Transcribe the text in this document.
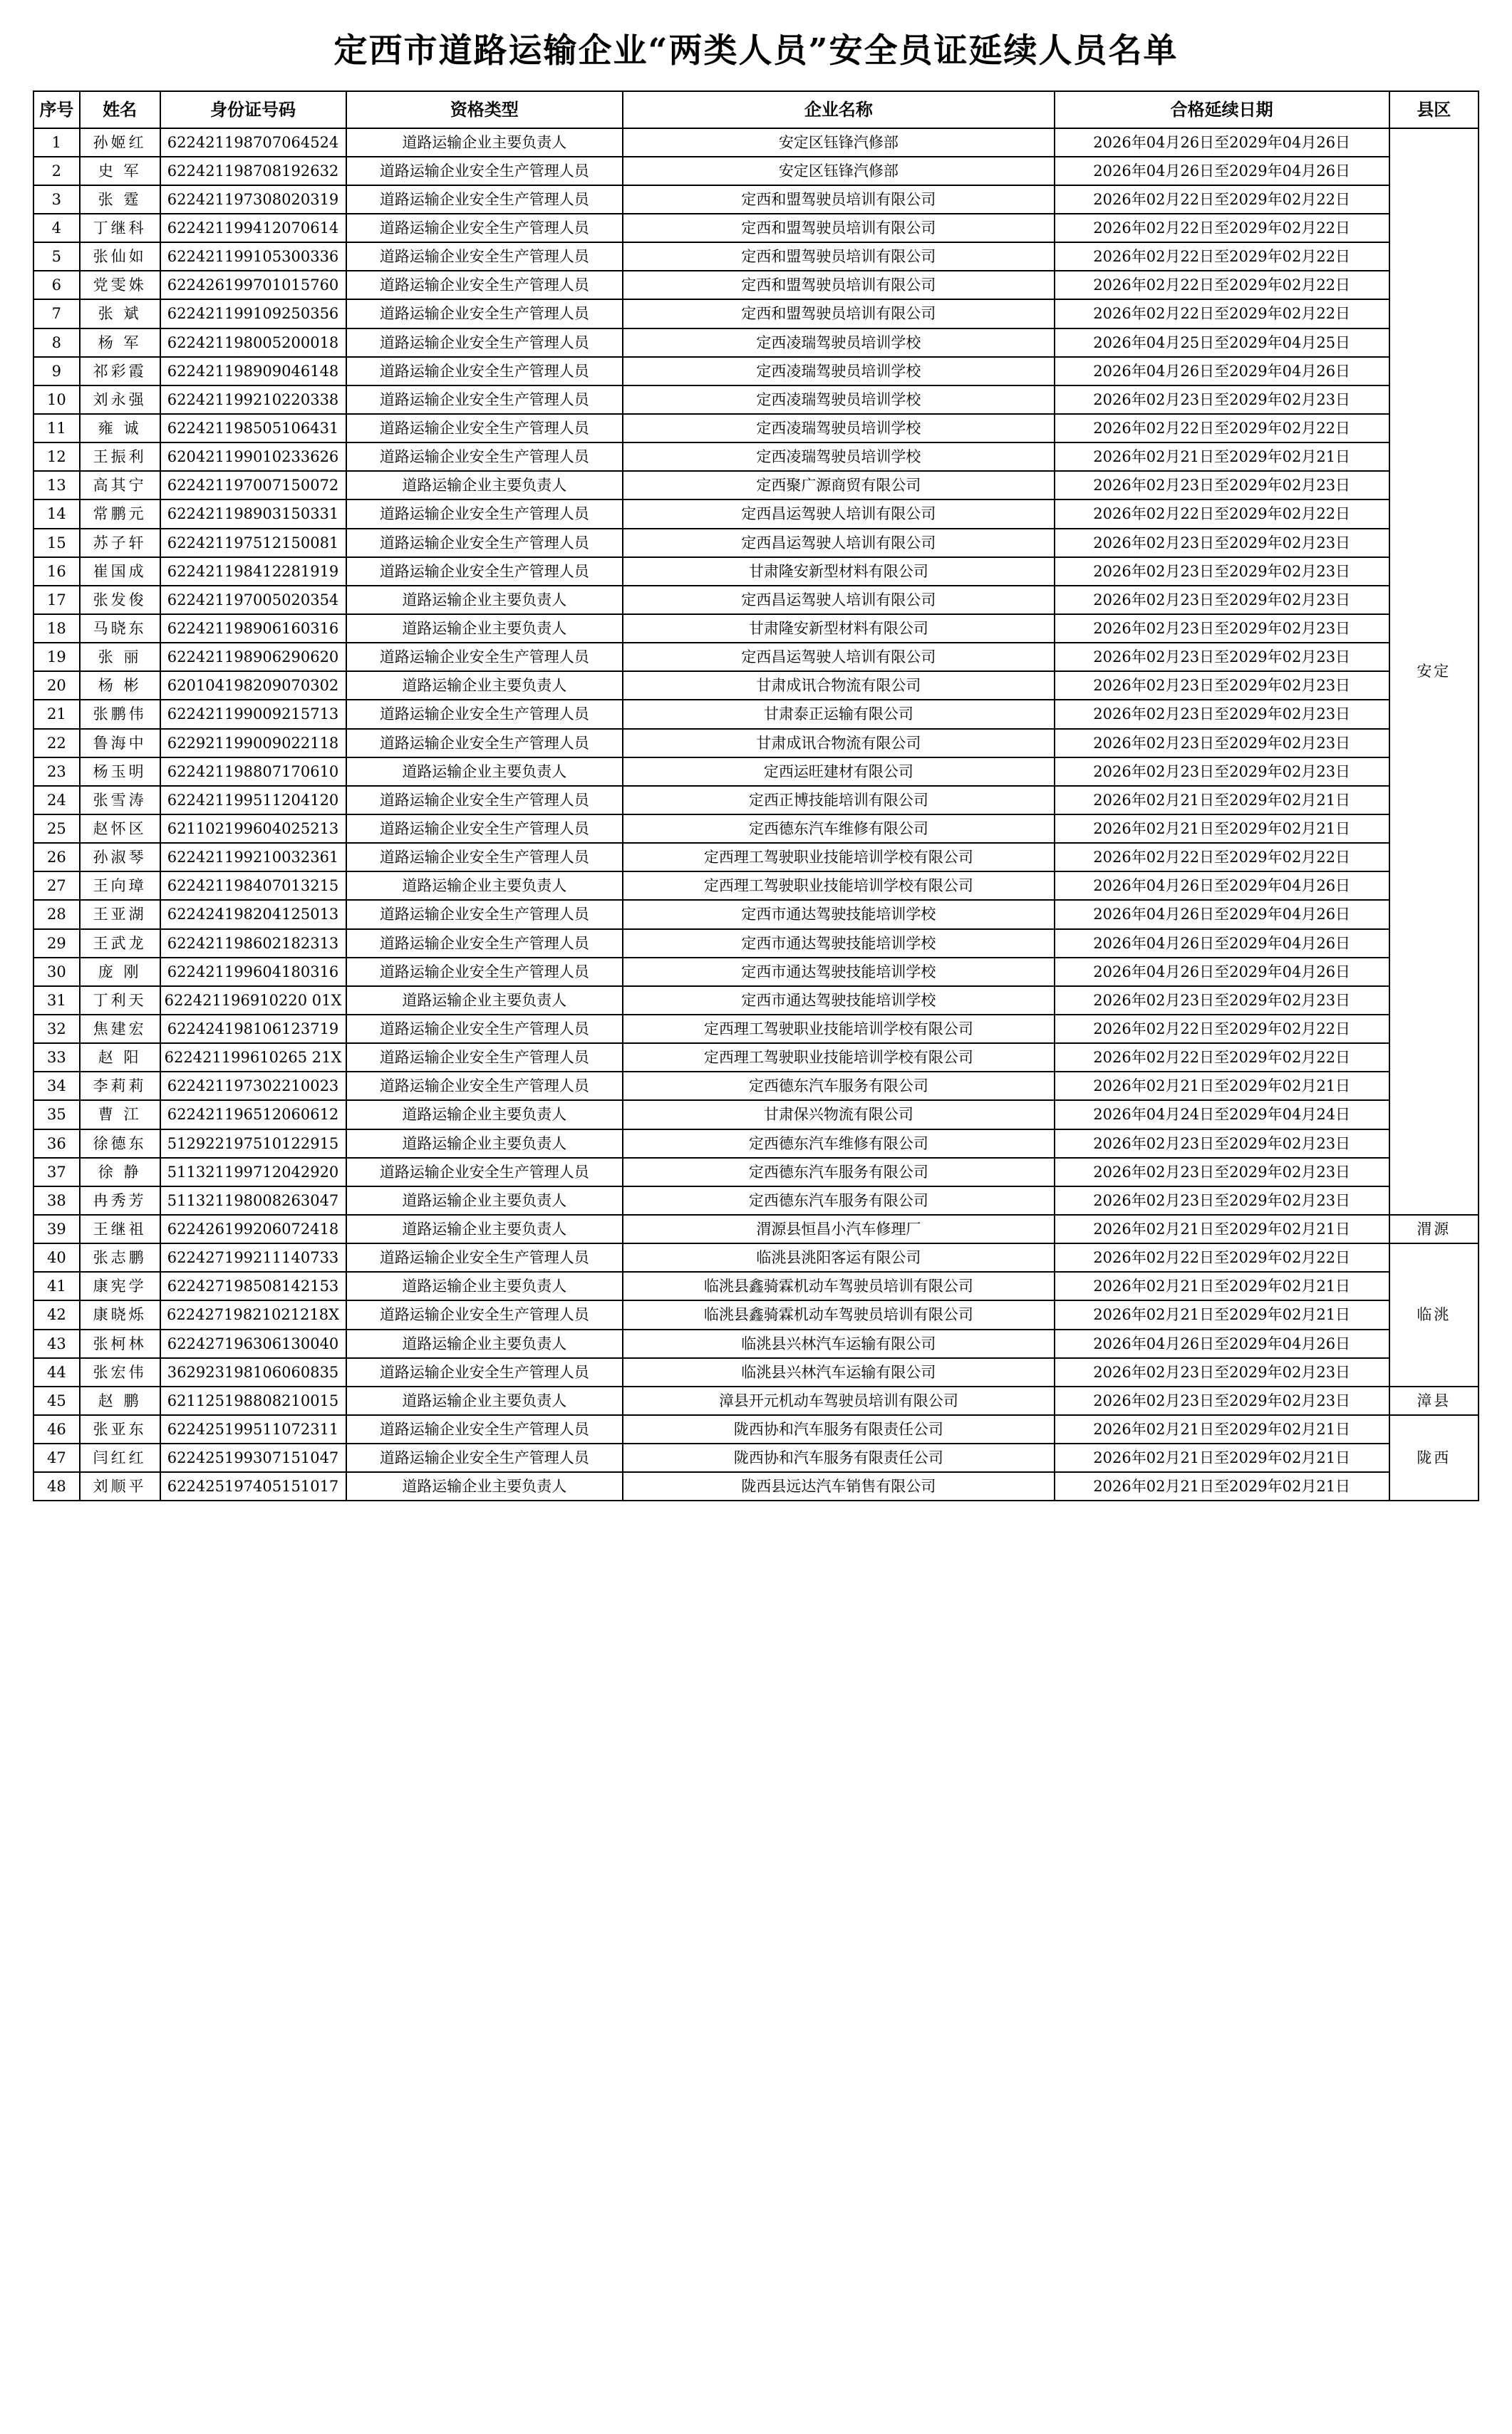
定西市道路运输企业“两类人员”安全员证延续人员名单
序号	姓名	身份证号码	资格类型	企业名称	合格延续日期	县区
1	孙姬红	622421198707064524	道路运输企业主要负责人	安定区钰锋汽修部	2026年04月26日至2029年04月26日	安定
2	史 军	622421198708192632	道路运输企业安全生产管理人员	安定区钰锋汽修部	2026年04月26日至2029年04月26日	
3	张 霆	622421197308020319	道路运输企业安全生产管理人员	定西和盟驾驶员培训有限公司	2026年02月22日至2029年02月22日	
4	丁继科	622421199412070614	道路运输企业安全生产管理人员	定西和盟驾驶员培训有限公司	2026年02月22日至2029年02月22日	
5	张仙如	622421199105300336	道路运输企业安全生产管理人员	定西和盟驾驶员培训有限公司	2026年02月22日至2029年02月22日	
6	党雯姝	622426199701015760	道路运输企业安全生产管理人员	定西和盟驾驶员培训有限公司	2026年02月22日至2029年02月22日	
7	张 斌	622421199109250356	道路运输企业安全生产管理人员	定西和盟驾驶员培训有限公司	2026年02月22日至2029年02月22日	
8	杨 军	622421198005200018	道路运输企业安全生产管理人员	定西凌瑞驾驶员培训学校	2026年04月25日至2029年04月25日	
9	祁彩霞	622421198909046148	道路运输企业安全生产管理人员	定西凌瑞驾驶员培训学校	2026年04月26日至2029年04月26日	
10	刘永强	622421199210220338	道路运输企业安全生产管理人员	定西凌瑞驾驶员培训学校	2026年02月23日至2029年02月23日	
11	雍 诚	622421198505106431	道路运输企业安全生产管理人员	定西凌瑞驾驶员培训学校	2026年02月22日至2029年02月22日	
12	王振利	620421199010233626	道路运输企业安全生产管理人员	定西凌瑞驾驶员培训学校	2026年02月21日至2029年02月21日	
13	高其宁	622421197007150072	道路运输企业主要负责人	定西聚广源商贸有限公司	2026年02月23日至2029年02月23日	
14	常鹏元	622421198903150331	道路运输企业安全生产管理人员	定西昌运驾驶人培训有限公司	2026年02月22日至2029年02月22日	
15	苏子轩	622421197512150081	道路运输企业安全生产管理人员	定西昌运驾驶人培训有限公司	2026年02月23日至2029年02月23日	
16	崔国成	622421198412281919	道路运输企业安全生产管理人员	甘肃隆安新型材料有限公司	2026年02月23日至2029年02月23日	
17	张发俊	622421197005020354	道路运输企业主要负责人	定西昌运驾驶人培训有限公司	2026年02月23日至2029年02月23日	
18	马晓东	622421198906160316	道路运输企业主要负责人	甘肃隆安新型材料有限公司	2026年02月23日至2029年02月23日	
19	张 丽	622421198906290620	道路运输企业安全生产管理人员	定西昌运驾驶人培训有限公司	2026年02月23日至2029年02月23日	
20	杨 彬	620104198209070302	道路运输企业主要负责人	甘肃成讯合物流有限公司	2026年02月23日至2029年02月23日	
21	张鹏伟	622421199009215713	道路运输企业安全生产管理人员	甘肃泰正运输有限公司	2026年02月23日至2029年02月23日	
22	鲁海中	622921199009022118	道路运输企业安全生产管理人员	甘肃成讯合物流有限公司	2026年02月23日至2029年02月23日	
23	杨玉明	622421198807170610	道路运输企业主要负责人	定西运旺建材有限公司	2026年02月23日至2029年02月23日	
24	张雪涛	622421199511204120	道路运输企业安全生产管理人员	定西正博技能培训有限公司	2026年02月21日至2029年02月21日	
25	赵怀区	621102199604025213	道路运输企业安全生产管理人员	定西德东汽车维修有限公司	2026年02月21日至2029年02月21日	
26	孙淑琴	622421199210032361	道路运输企业安全生产管理人员	定西理工驾驶职业技能培训学校有限公司	2026年02月22日至2029年02月22日	
27	王向璋	622421198407013215	道路运输企业主要负责人	定西理工驾驶职业技能培训学校有限公司	2026年04月26日至2029年04月26日	
28	王亚湖	622424198204125013	道路运输企业安全生产管理人员	定西市通达驾驶技能培训学校	2026年04月26日至2029年04月26日	
29	王武龙	622421198602182313	道路运输企业安全生产管理人员	定西市通达驾驶技能培训学校	2026年04月26日至2029年04月26日	
30	庞 刚	622421199604180316	道路运输企业安全生产管理人员	定西市通达驾驶技能培训学校	2026年04月26日至2029年04月26日	
31	丁利天	622421196910220 01X	道路运输企业主要负责人	定西市通达驾驶技能培训学校	2026年02月23日至2029年02月23日	
32	焦建宏	622424198106123719	道路运输企业安全生产管理人员	定西理工驾驶职业技能培训学校有限公司	2026年02月22日至2029年02月22日	
33	赵 阳	622421199610265 21X	道路运输企业安全生产管理人员	定西理工驾驶职业技能培训学校有限公司	2026年02月22日至2029年02月22日	
34	李莉莉	622421197302210023	道路运输企业安全生产管理人员	定西德东汽车服务有限公司	2026年02月21日至2029年02月21日	
35	曹 江	622421196512060612	道路运输企业主要负责人	甘肃保兴物流有限公司	2026年04月24日至2029年04月24日	
36	徐德东	512922197510122915	道路运输企业主要负责人	定西德东汽车维修有限公司	2026年02月23日至2029年02月23日	
37	徐 静	511321199712042920	道路运输企业安全生产管理人员	定西德东汽车服务有限公司	2026年02月23日至2029年02月23日	
38	冉秀芳	511321198008263047	道路运输企业主要负责人	定西德东汽车服务有限公司	2026年02月23日至2029年02月23日	
39	王继祖	622426199206072418	道路运输企业主要负责人	渭源县恒昌小汽车修理厂	2026年02月21日至2029年02月21日	渭源
40	张志鹏	622427199211140733	道路运输企业安全生产管理人员	临洮县洮阳客运有限公司	2026年02月22日至2029年02月22日	临洮
41	康宪学	622427198508142153	道路运输企业主要负责人	临洮县鑫骑霖机动车驾驶员培训有限公司	2026年02月21日至2029年02月21日	
42	康晓烁	62242719821021218X	道路运输企业安全生产管理人员	临洮县鑫骑霖机动车驾驶员培训有限公司	2026年02月21日至2029年02月21日	
43	张柯林	622427196306130040	道路运输企业主要负责人	临洮县兴林汽车运输有限公司	2026年04月26日至2029年04月26日	
44	张宏伟	362923198106060835	道路运输企业安全生产管理人员	临洮县兴林汽车运输有限公司	2026年02月23日至2029年02月23日	
45	赵 鹏	621125198808210015	道路运输企业主要负责人	漳县开元机动车驾驶员培训有限公司	2026年02月23日至2029年02月23日	漳县
46	张亚东	622425199511072311	道路运输企业安全生产管理人员	陇西协和汽车服务有限责任公司	2026年02月21日至2029年02月21日	陇西
47	闫红红	622425199307151047	道路运输企业安全生产管理人员	陇西协和汽车服务有限责任公司	2026年02月21日至2029年02月21日	
48	刘顺平	622425197405151017	道路运输企业主要负责人	陇西县远达汽车销售有限公司	2026年02月21日至2029年02月21日	
